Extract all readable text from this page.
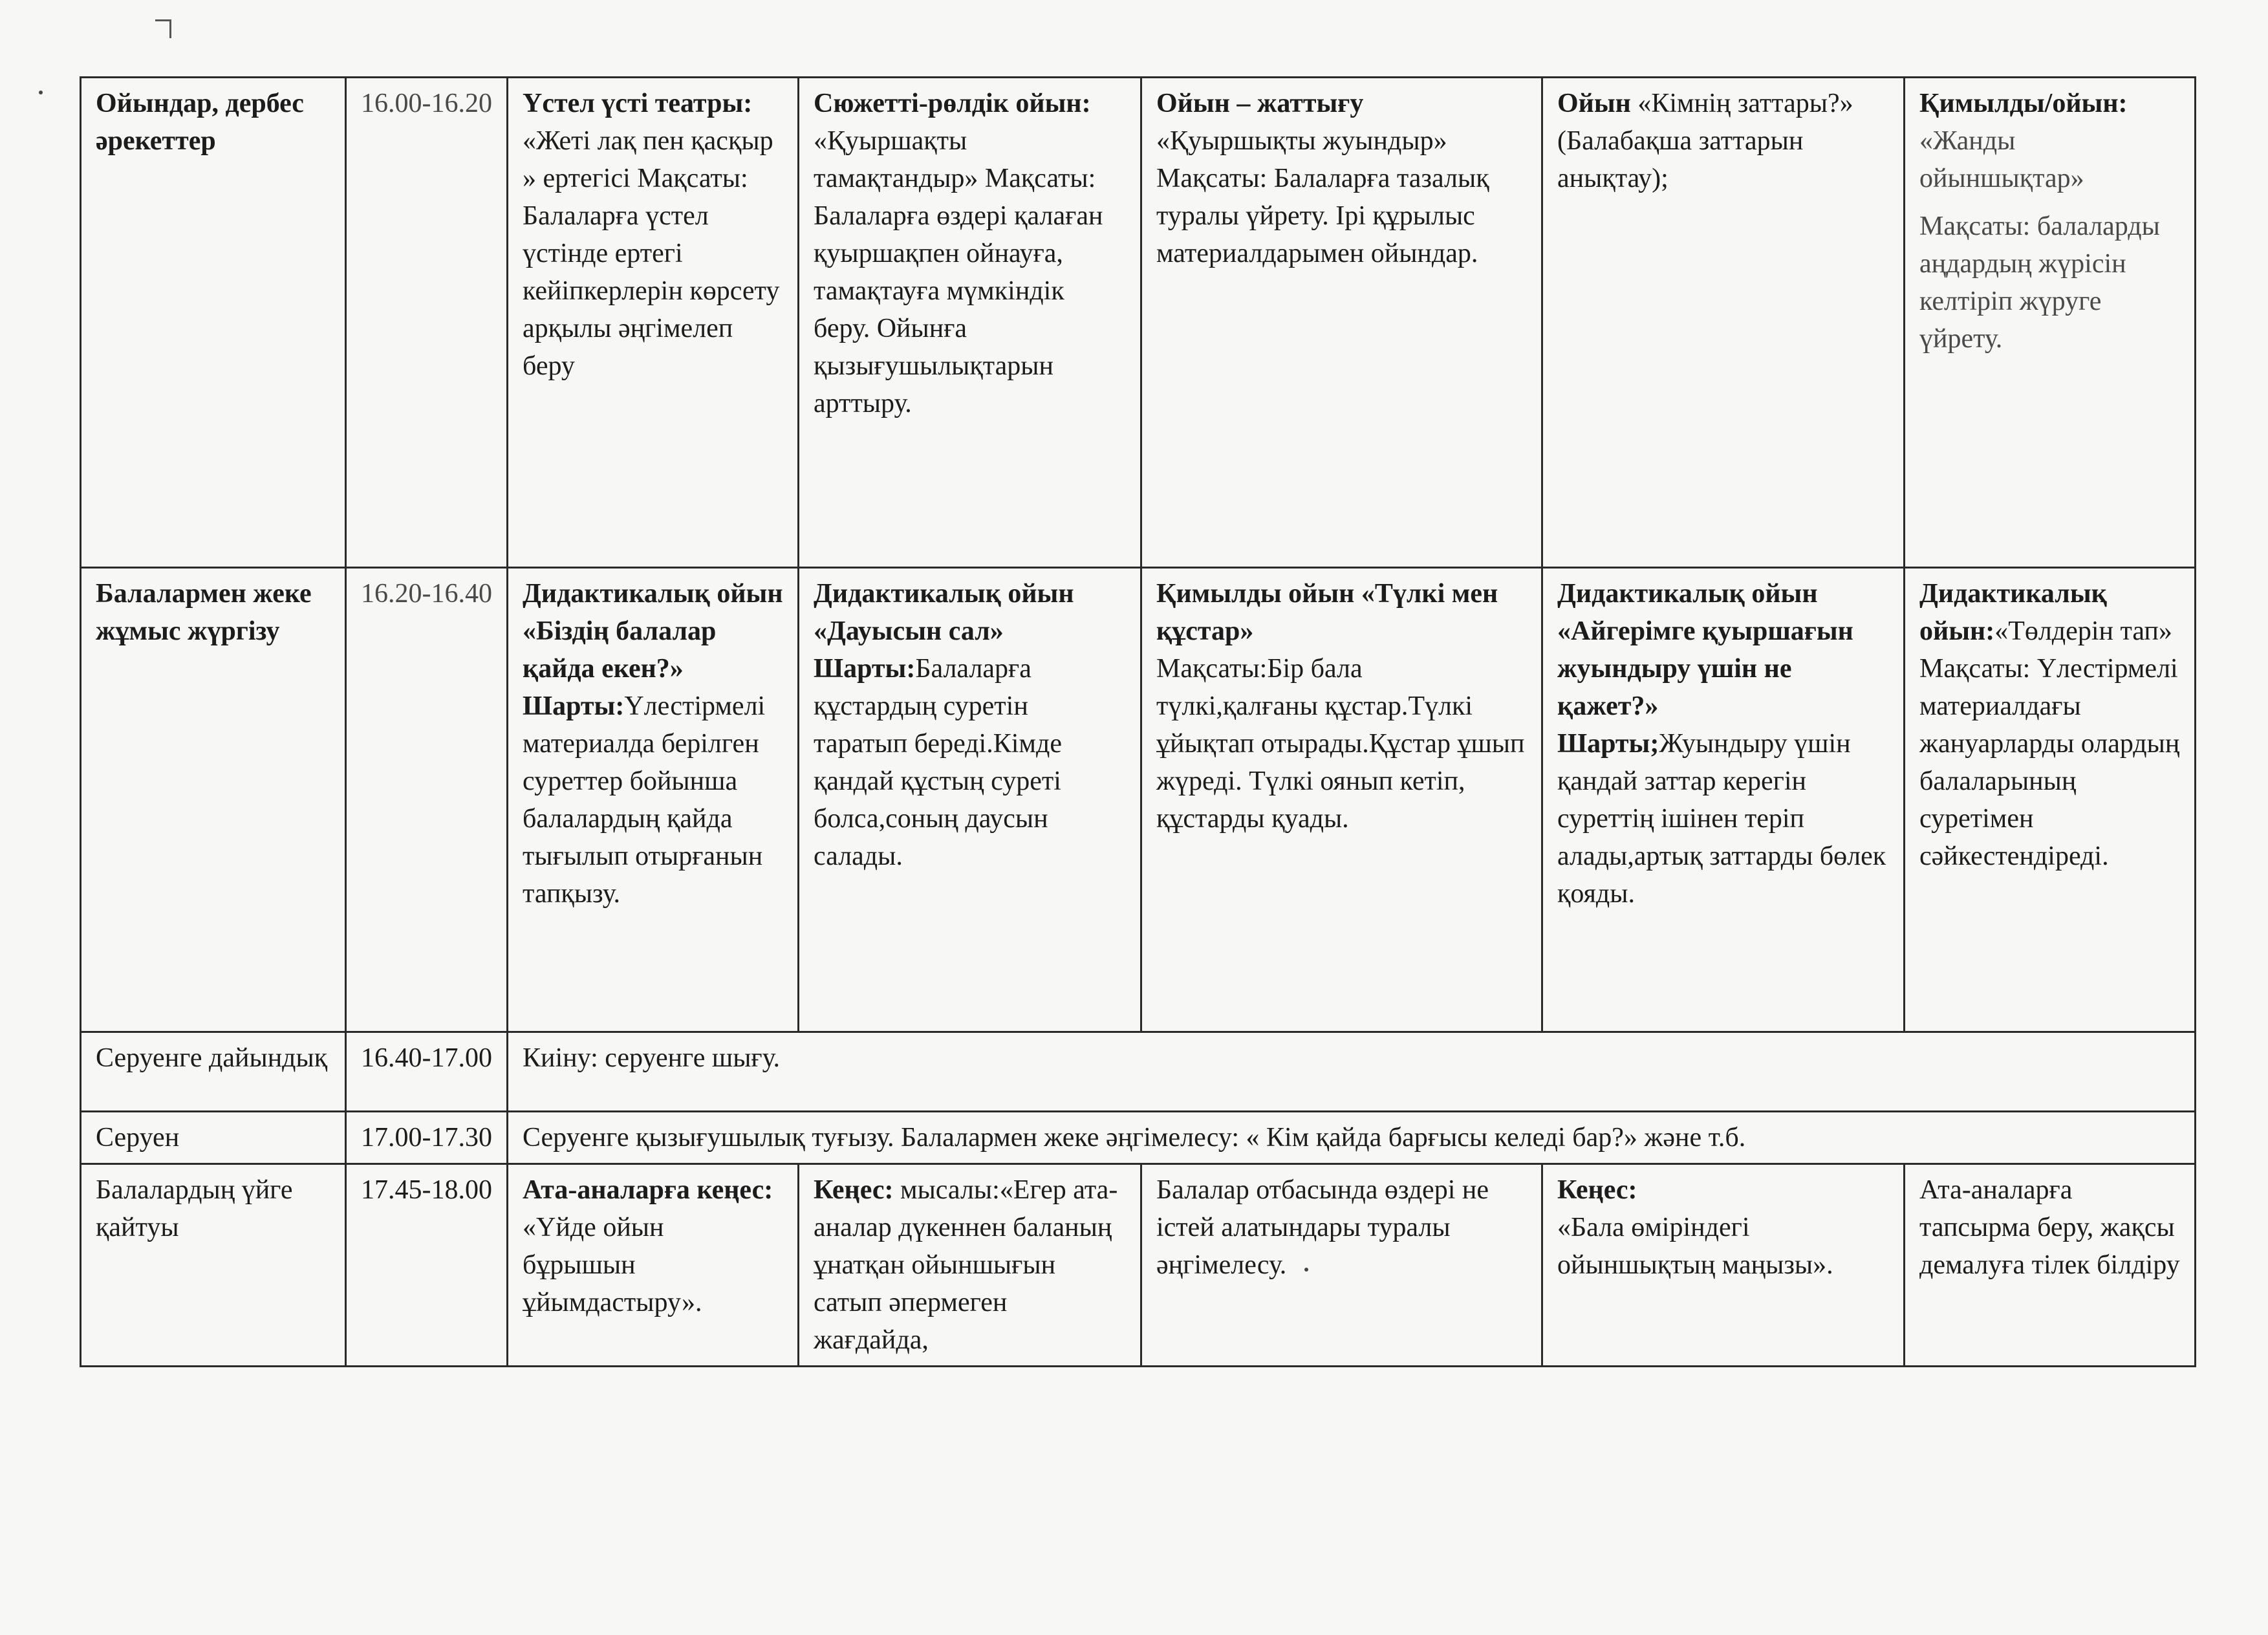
Ойындар, дербес әрекеттер	16.00-16.20	Үстел үсті театры: «Жеті лақ пен қасқыр » ертегісі Мақсаты: Балаларға үстел үстінде ертегі кейіпкерлерін көрсету арқылы әңгімелеп беру	Сюжетті-рөлдік ойын: «Қуыршақты тамақтандыр» Мақсаты: Балаларға өздері қалаған қуыршақпен ойнауға, тамақтауға мүмкіндік беру. Ойынға қызығушылықтарын арттыру.	Ойын – жаттығу «Қуыршықты жуындыр» Мақсаты: Балаларға тазалық туралы үйрету. Ірі құрылыс материалдарымен ойындар.	Ойын «Кімнің заттары?» (Балабақша заттарын анықтау);	Қимылды/ойын: «Жанды ойыншықтар»
Мақсаты: балаларды аңдардың жүрісін келтіріп жүруге үйрету.
Балалармен жеке жұмыс жүргізу	16.20-16.40	Дидактикалық ойын «Біздің балалар қайда екен?» Шарты:Үлестірмелі материалда берілген суреттер бойынша балалардың қайда тығылып отырғанын тапқызу.	Дидактикалық ойын «Дауысын сал»
Шарты:Балаларға құстардың суретін таратып береді.Кімде қандай құстың суреті болса,соның даусын салады.	Қимылды ойын «Түлкі мен құстар»
Мақсаты:Бір бала түлкі,қалғаны құстар.Түлкі ұйықтап отырады.Құстар ұшып жүреді. Түлкі оянып кетіп, құстарды қуады.	Дидактикалық ойын «Айгерімге қуыршағын жуындыру үшін не қажет?»
Шарты;Жуындыру үшін қандай заттар керегін суреттің ішінен теріп алады,артық заттарды бөлек қояды.	Дидактикалық ойын:«Төлдерін тап» Мақсаты: Үлестірмелі материалдағы жануарларды олардың балаларының суретімен сәйкестендіреді.
Серуенге дайындық	16.40-17.00	Киіну: серуенге шығу.				
Серуен	17.00-17.30	Серуенге қызығушылық туғызу. Балалармен жеке әңгімелесу: « Кім қайда барғысы келеді бар?» және т.б.				
Балалардың үйге қайтуы	17.45-18.00	Ата-аналарға кеңес:
«Үйде ойын бұрышын ұйымдастыру».	Кеңес: мысалы:«Егер ата-аналар дүкеннен баланың ұнатқан ойыншығын сатып әпермеген жағдайда,	Балалар отбасында өздері не істей алатындары туралы әңгімелесу.	Кеңес:
«Бала өміріндегі ойыншықтың маңызы».	Ата-аналарға тапсырма беру, жақсы демалуға тілек білдіру
